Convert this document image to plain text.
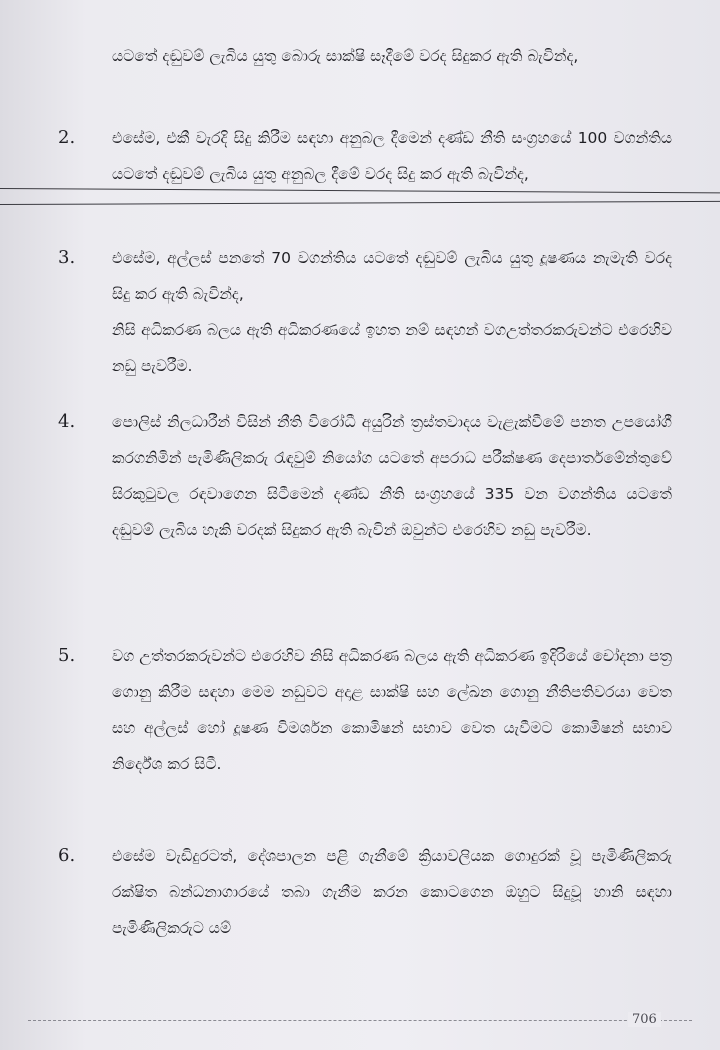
යටතේ දඬුවම් ලැබිය යුතු බොරු සාක්ෂි සෑදීමේ වරද සිදුකර ඇති බැවින්ද,
2.	එසේම, එකී වැරදි සිදු කිරීම සඳහා අනුබල දීමෙන් දණ්ඩ නීති සංග්‍රහයේ 100 වගන්තිය යටතේ දඬුවම් ලැබිය යුතු අනුබල දීමේ වරද සිදු කර ඇති බැවින්ද,

3.	එසේම, අල්ලස් පනතේ 70 වගන්තිය යටතේ දඬුවම් ලැබිය යුතු දූෂණය නැමැති වරද සිදු කර ඇති බැවින්ද,

නිසි අධිකරණ බලය ඇති අධිකරණයේ ඉහත නම් සඳහන් වගඋත්තරකරුවන්ට එරෙහිව නඩු පැවරීම.

4.	පොලිස් නිලධාරීන් විසින් නීති විරෝධී අයුරින් ත්‍රස්තවාදය වැළැක්වීමේ පනත උපයෝගී කරගනිමින් පැමිණිලිකරු රැඳවුම් නියෝග යටතේ අපරාධ පරීක්ෂණ දෙපාර්තමේන්තුවේ සිරකුටුවල රඳවාගෙන සිටීමෙන් දණ්ඩ නීති සංග්‍රහයේ 335 වන වගන්තිය යටතේ දඬුවම් ලැබිය හැකි වරදක් සිදුකර ඇති බැවින් ඔවුන්ට එරෙහිව නඩු පැවරීම.

5.	වග උත්තරකරුවන්ට එරෙහිව නිසි අධිකරණ බලය ඇති අධිකරණ ඉදිරියේ චෝදනා පත්‍ර ගොනු කිරීම සඳහා මෙම නඩුවට අදාළ සාක්ෂි සහ ලේඛන ගොනු නීතිපතිවරයා වෙත සහ අල්ලස් හෝ දූෂණ විමර්ශන කොමිෂන් සභාව වෙත යැවීමට කොමිෂන් සභාව නිර්දේශ කර සිටී.

6.	එසේම වැඩිදුරටත්, දේශපාලන පළි ගැනීමේ ක්‍රියාවලියක ගොදුරක් වූ පැමිණිලිකරු රක්ෂිත බන්ධනාගාරයේ තබා ගැනීම කරන කොටගෙන ඔහුට සිදුවූ හානි සඳහා පැමිණිලිකරුට යම්

706
